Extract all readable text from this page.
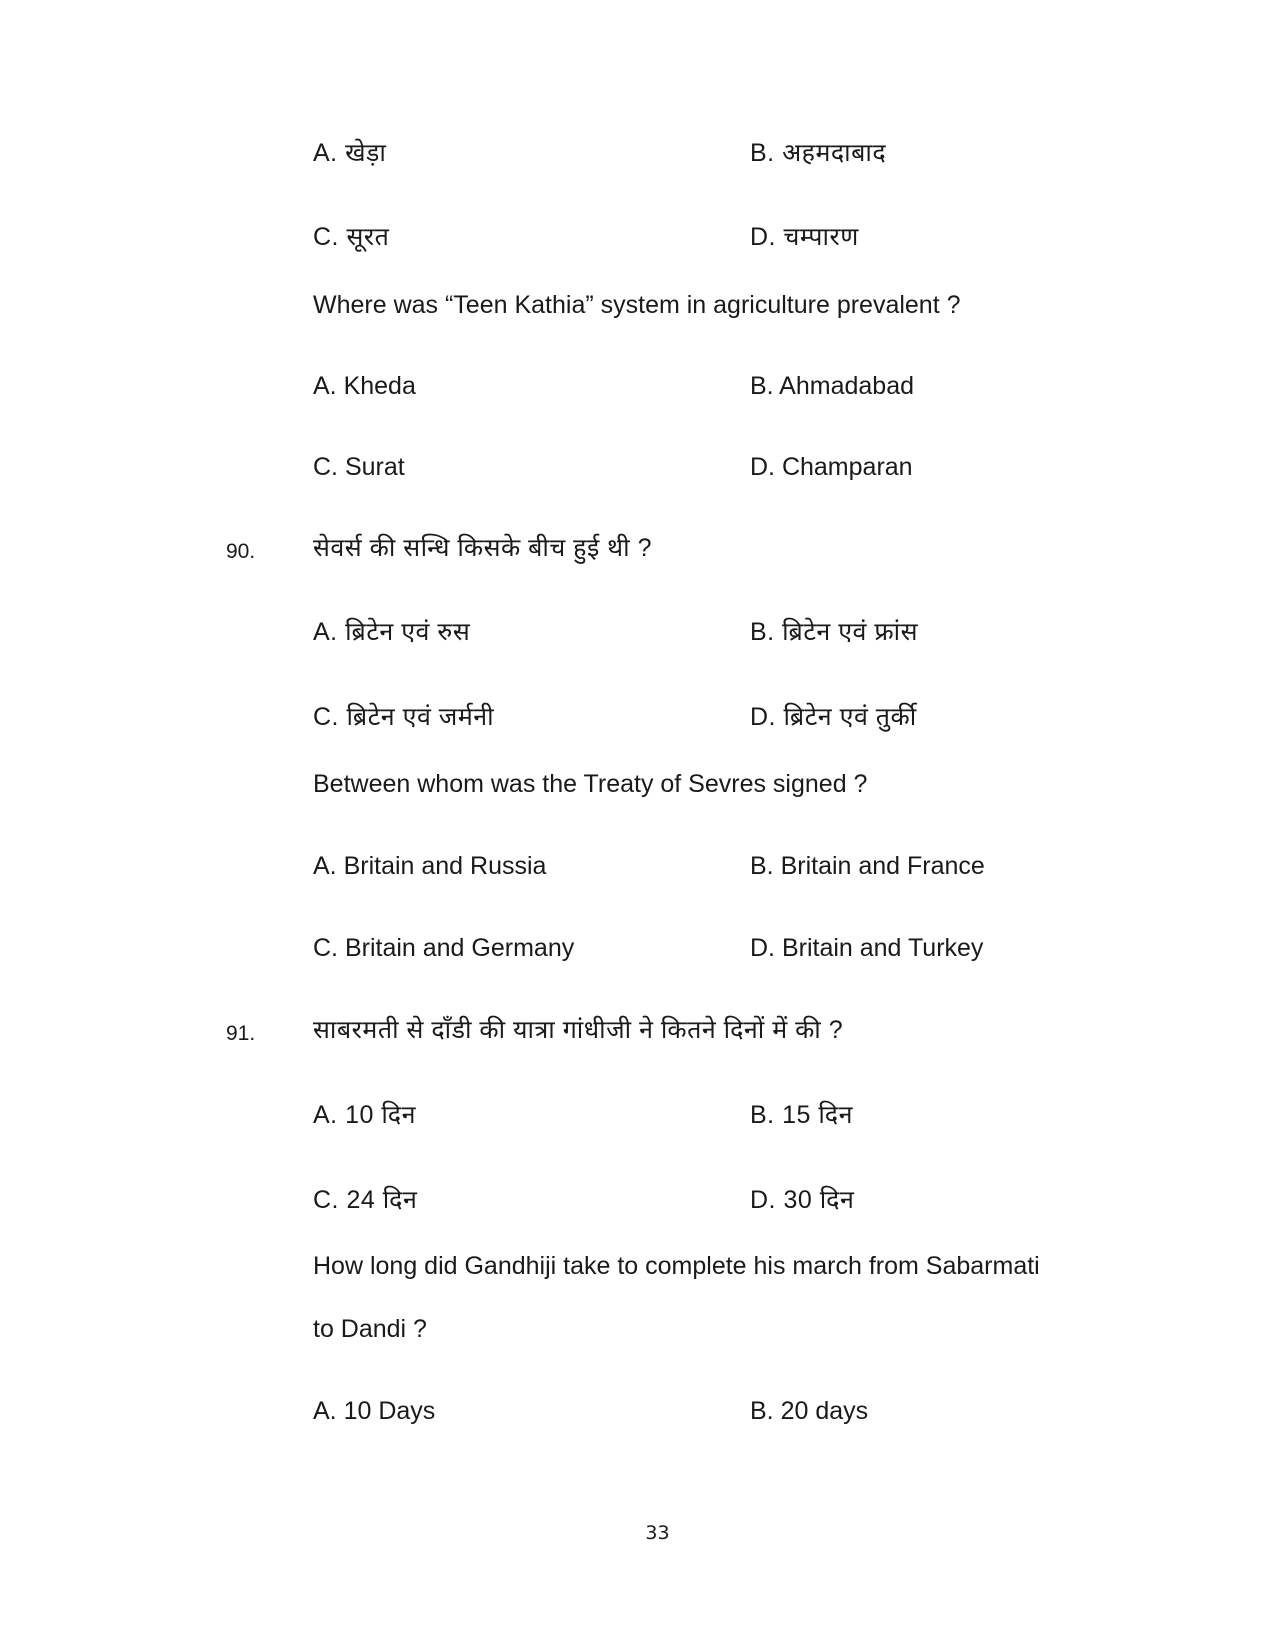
A. खेड़ा	B. अहमदाबाद
C. सूरत	D. चम्पारण
Where was “Teen Kathia” system in agriculture prevalent ?
A. Kheda	B. Ahmadabad
C. Surat	D. Champaran
90. सेवर्स की सन्धि किसके बीच हुई थी ?
A. ब्रिटेन एवं रुस	B. ब्रिटेन एवं फ्रांस
C. ब्रिटेन एवं जर्मनी	D. ब्रिटेन एवं तुर्की
Between whom was the Treaty of Sevres signed ?
A. Britain and Russia	B. Britain and France
C. Britain and Germany	D. Britain and Turkey
91. साबरमती से दाँडी की यात्रा गांधीजी ने कितने दिनों में की ?
A. 10 दिन	B. 15 दिन
C. 24 दिन	D. 30 दिन
How long did Gandhiji take to complete his march from Sabarmati
to Dandi ?
A. 10 Days	B. 20 days
33
